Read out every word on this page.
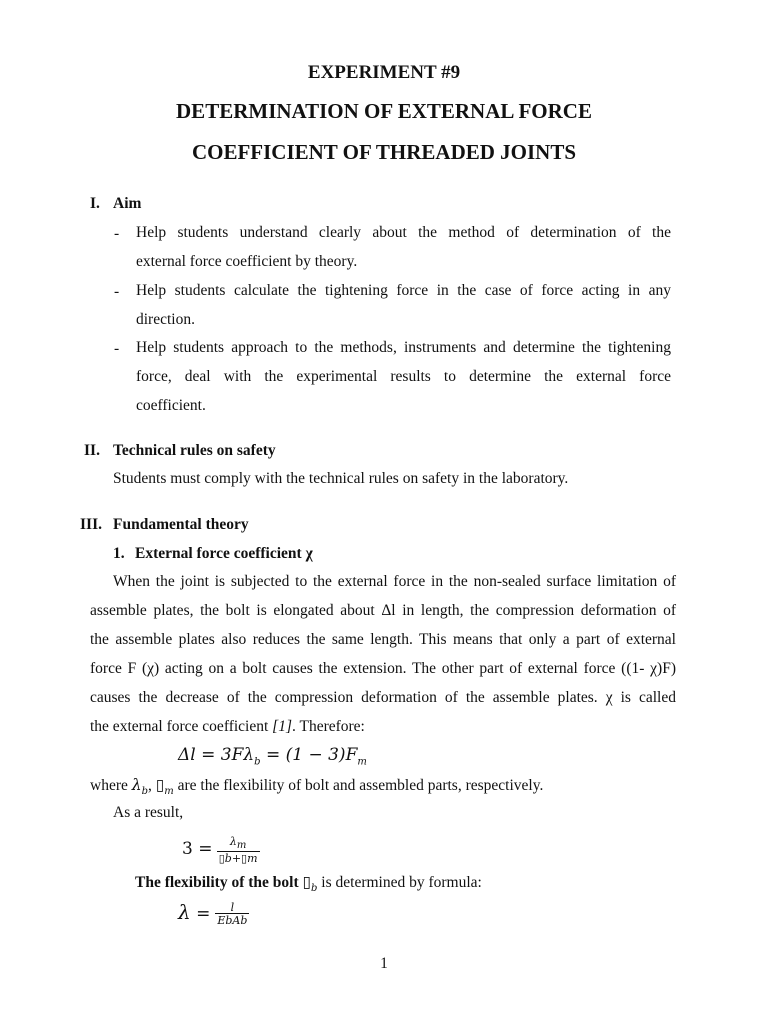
EXPERIMENT #9
DETERMINATION OF EXTERNAL FORCE
COEFFICIENT OF THREADED JOINTS
I. Aim
- Help students understand clearly about the method of determination of the
external force coefficient by theory.
- Help students calculate the tightening force in the case of force acting in any
direction.
- Help students approach to the methods, instruments and determine the tightening
force, deal with the experimental results to determine the external force
coefficient.
II. Technical rules on safety
Students must comply with the technical rules on safety in the laboratory.
III. Fundamental theory
1. External force coefficient χ
When the joint is subjected to the external force in the non-sealed surface limitation of
assemble plates, the bolt is elongated about Δl in length, the compression deformation of
the assemble plates also reduces the same length. This means that only a part of external
force F (χ) acting on a bolt causes the extension. The other part of external force ((1- χ)F)
causes the decrease of the compression deformation of the assemble plates. χ is called
the external force coefficient [1]. Therefore:
$\Delta l = 3F\lambda_b = (1 - 3)F_m$
where $\lambda_b$, $▯_m$ are the flexibility of bolt and assembled parts, respectively.
As a result,
$3 = \frac{\lambda_m}{▯b+▯m}$
The flexibility of the bolt $▯_b$ is determined by formula:
$\lambda = \frac{l}{\text{EbAb}}$
1
